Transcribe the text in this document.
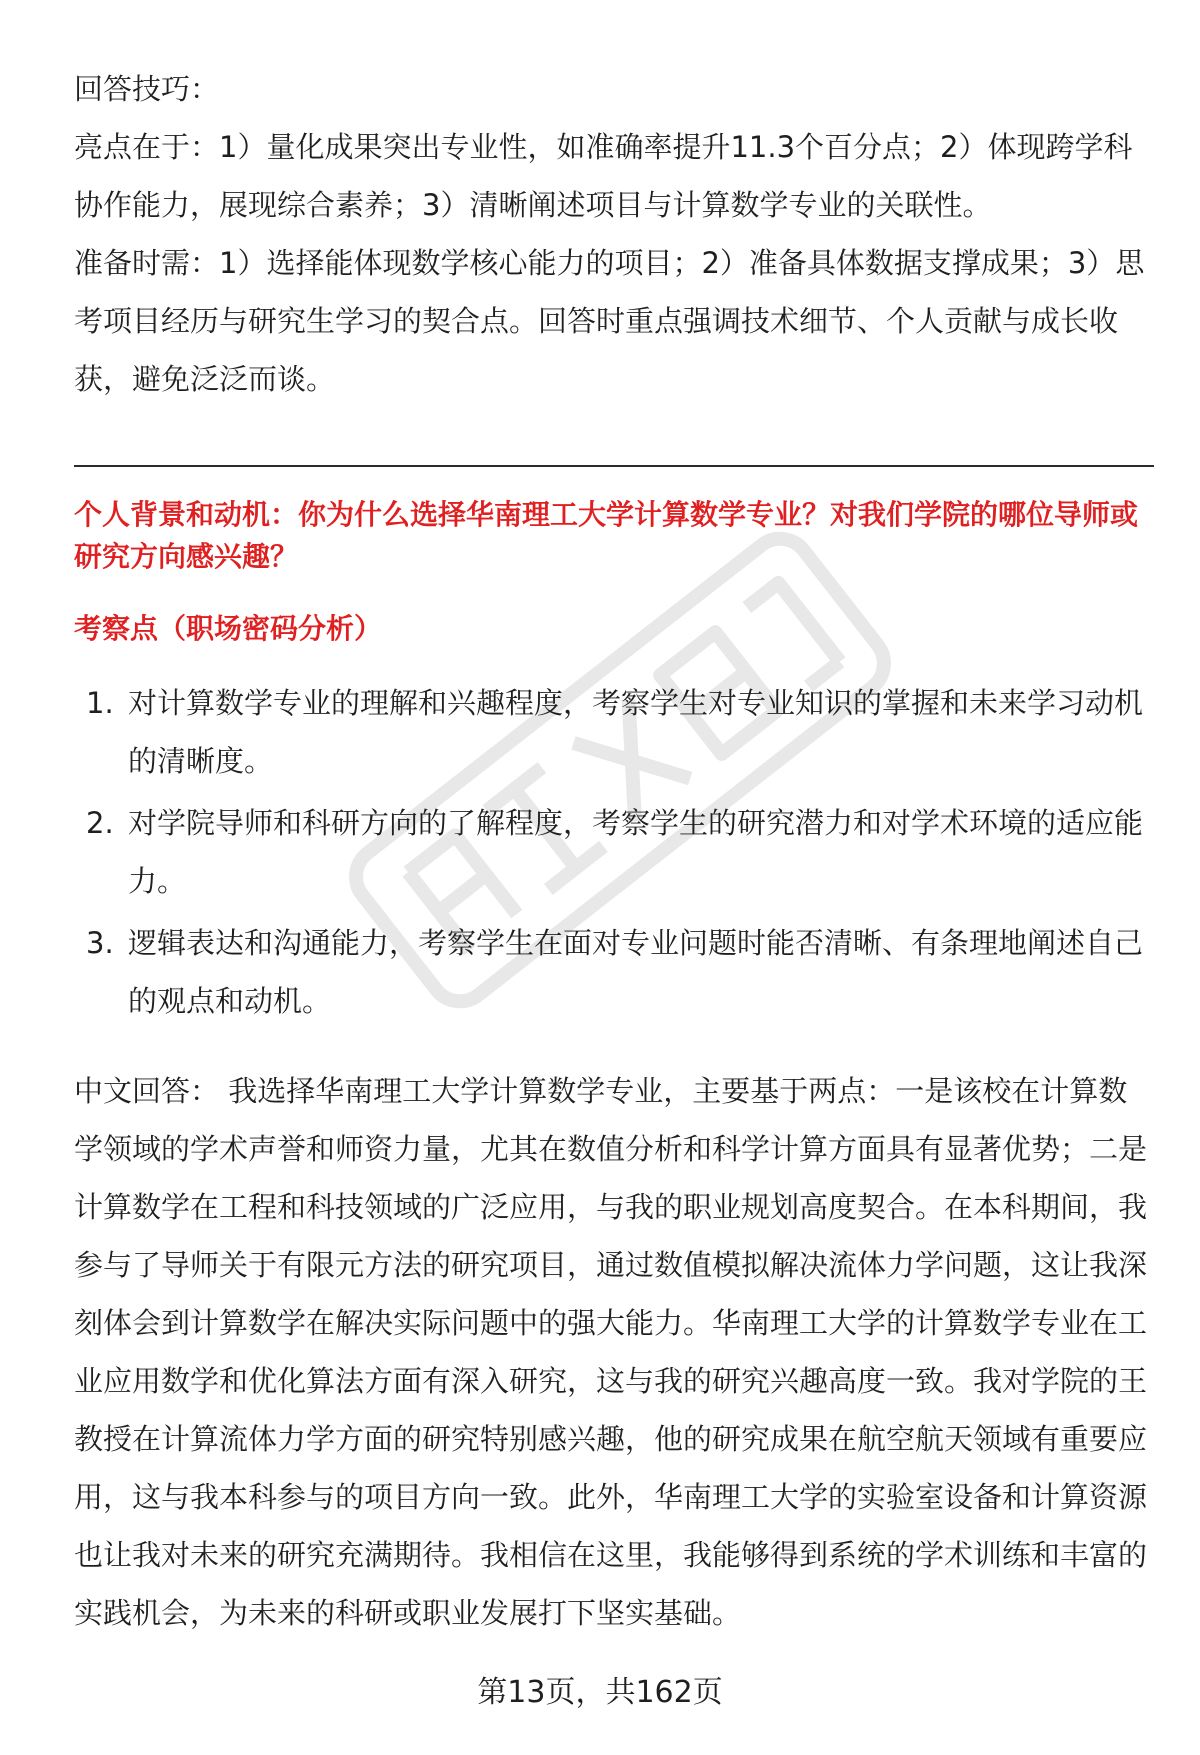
回答技巧：

亮点在于：1）量化成果突出专业性，如准确率提升11.3个百分点；2）体现跨学科协作能力，展现综合素养；3）清晰阐述项目与计算数学专业的关联性。

准备时需：1）选择能体现数学核心能力的项目；2）准备具体数据支撑成果；3）思考项目经历与研究生学习的契合点。回答时重点强调技术细节、个人贡献与成长收获，避免泛泛而谈。

个人背景和动机：你为什么选择华南理工大学计算数学专业？对我们学院的哪位导师或研究方向感兴趣？

考察点（职场密码分析）

1. 对计算数学专业的理解和兴趣程度，考察学生对专业知识的掌握和未来学习动机的清晰度。
2. 对学院导师和科研方向的了解程度，考察学生的研究潜力和对学术环境的适应能力。
3. 逻辑表达和沟通能力，考察学生在面对专业问题时能否清晰、有条理地阐述自己的观点和动机。

中文回答： 我选择华南理工大学计算数学专业，主要基于两点：一是该校在计算数学领域的学术声誉和师资力量，尤其在数值分析和科学计算方面具有显著优势；二是计算数学在工程和科技领域的广泛应用，与我的职业规划高度契合。在本科期间，我参与了导师关于有限元方法的研究项目，通过数值模拟解决流体力学问题，这让我深刻体会到计算数学在解决实际问题中的强大能力。华南理工大学的计算数学专业在工业应用数学和优化算法方面有深入研究，这与我的研究兴趣高度一致。我对学院的王教授在计算流体力学方面的研究特别感兴趣，他的研究成果在航空航天领域有重要应用，这与我本科参与的项目方向一致。此外，华南理工大学的实验室设备和计算资源也让我对未来的研究充满期待。我相信在这里，我能够得到系统的学术训练和丰富的实践机会，为未来的科研或职业发展打下坚实基础。

第13页，共162页
